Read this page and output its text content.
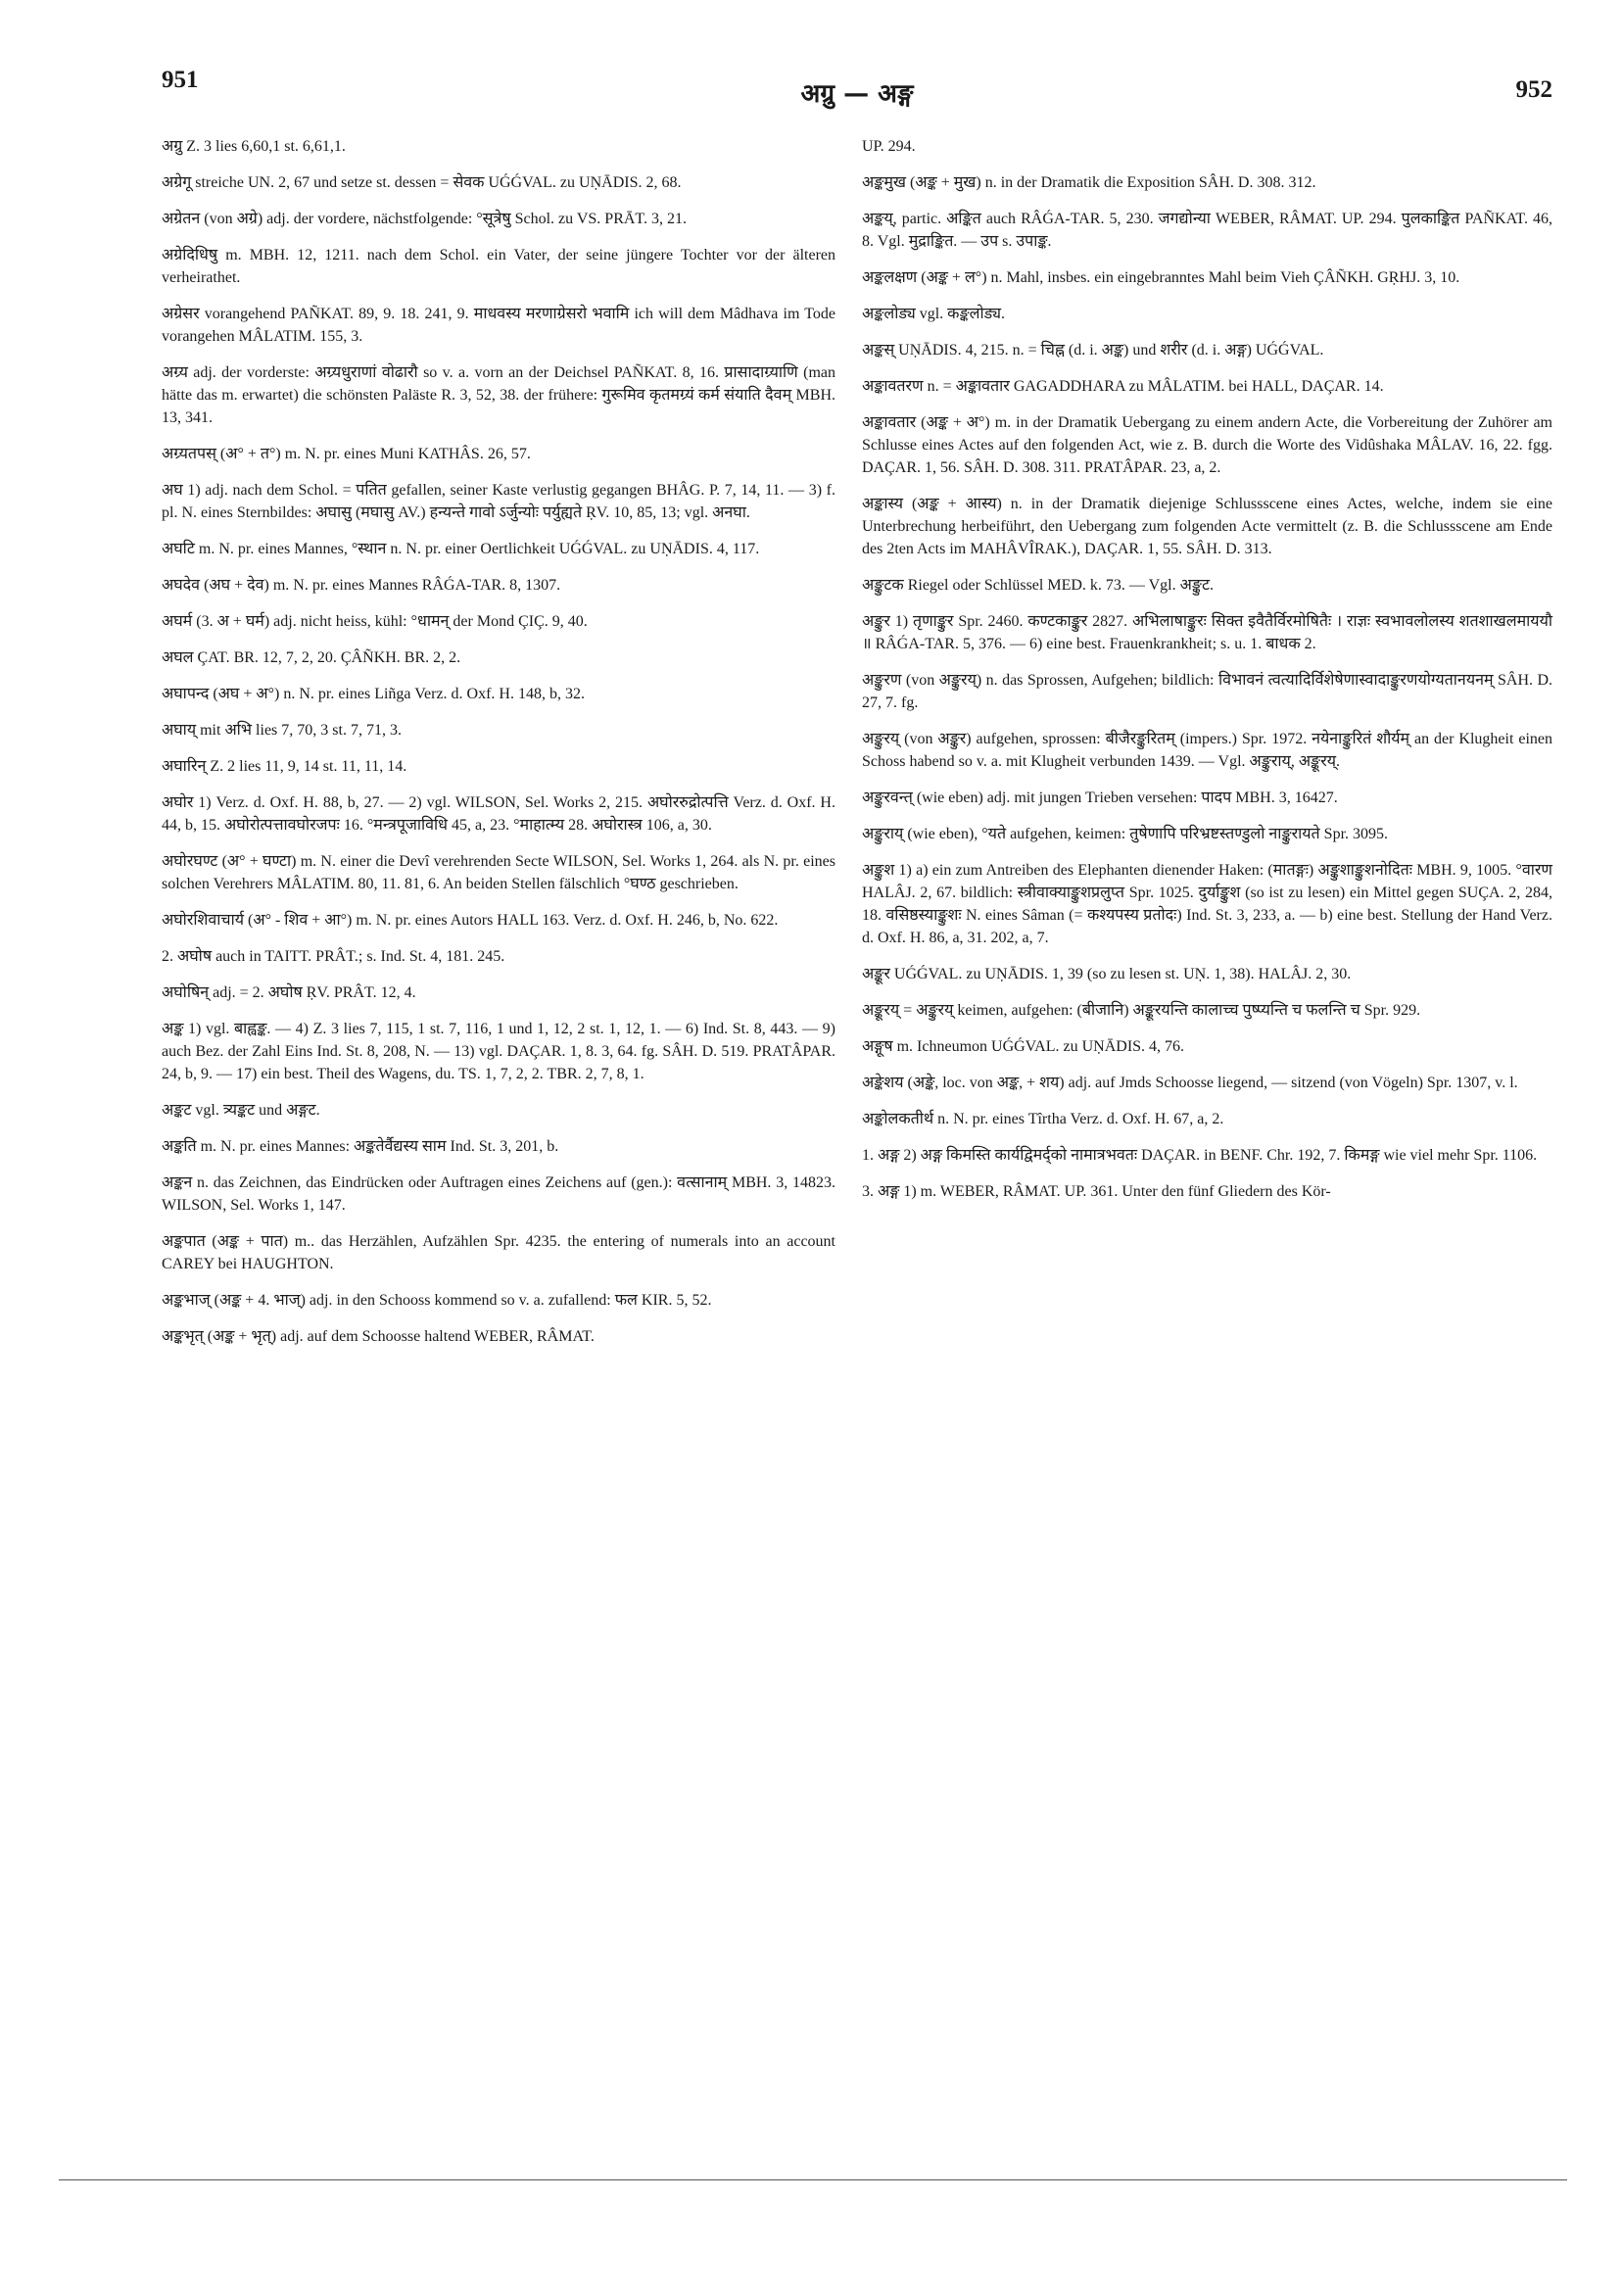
951	अग्रु — अङ्ग	952

अग्रु Z. 3 lies 6,60,1 st. 6,61,1.

अग्रेगू streiche UN. 2, 67 und setze st. dessen = सेवक UǴǴVAL. zu UṆĀDIS. 2, 68.

अग्रेतन (von अग्रे) adj. der vordere, nächstfolgende: °सूत्रेषु Schol. zu VS. PRĀT. 3, 21.

अग्रेदिधिषु m. MBH. 12, 1211. nach dem Schol. ein Vater, der seine jüngere Tochter vor der älteren verheirathet.

अग्रेसर vorangehend PAÑKAT. 89, 9. 18. 241, 9. माधवस्य मरणाग्रेसरो भवामि ich will dem Mâdhava im Tode vorangehen MÂLATIM. 155, 3.

अग्र्य adj. der vorderste: अग्र्यधुराणां वोढारौ so v. a. vorn an der Deichsel PAÑKAT. 8, 16. प्रासादाग्र्याणि (man hätte das m. erwartet) die schönsten Paläste R. 3, 52, 38. der frühere: गुरूमिव कृतमग्र्यं कर्म संयाति दैवम् MBH. 13, 341.

अग्र्यतपस् (अ° + त°) m. N. pr. eines Muni KATHÂS. 26, 57.

अघ 1) adj. nach dem Schol. = पतित gefallen, seiner Kaste verlustig gegangen BHÂG. P. 7, 14, 11. — 3) f. pl. N. eines Sternbildes: अघासु (मघासु AV.) हन्यन्ते गावो ऽर्जुन्योः पर्युह्यते ṚV. 10, 85, 13; vgl. अनघा.

अघटि m. N. pr. eines Mannes, °स्थान n. N. pr. einer Oertlichkeit UǴǴVAL. zu UṆĀDIS. 4, 117.

अघदेव (अघ + देव) m. N. pr. eines Mannes RÂǴA-TAR. 8, 1307.

अघर्म (3. अ + घर्म) adj. nicht heiss, kühl: °धामन् der Mond ÇIÇ. 9, 40.

अघल ÇAT. BR. 12, 7, 2, 20. ÇÂÑKH. BR. 2, 2.

अघापन्द (अघ + अ°) n. N. pr. eines Liñga Verz. d. Oxf. H. 148, b, 32.

अघाय् mit अभि lies 7, 70, 3 st. 7, 71, 3.

अघारिन् Z. 2 lies 11, 9, 14 st. 11, 11, 14.

अघोर 1) Verz. d. Oxf. H. 88, b, 27. — 2) vgl. WILSON, Sel. Works 2, 215. अघोररुद्रोत्पत्ति Verz. d. Oxf. H. 44, b, 15. अघोरोत्पत्तावघोरजपः 16. °मन्त्रपूजाविधि 45, a, 23. °माहात्म्य 28. अघोरास्त्र 106, a, 30.

अघोरघण्ट (अ° + घण्टा) m. N. einer die Devî verehrenden Secte WILSON, Sel. Works 1, 264. als N. pr. eines solchen Verehrers MÂLATIM. 80, 11. 81, 6. An beiden Stellen fälschlich °घण्ठ geschrieben.

अघोरशिवाचार्य (अ° - शिव + आ°) m. N. pr. eines Autors HALL 163. Verz. d. Oxf. H. 246, b, No. 622.

2. अघोष auch in TAITT. PRÂT.; s. Ind. St. 4, 181. 245.

अघोषिन् adj. = 2. अघोष ṚV. PRÂT. 12, 4.

अङ्क 1) vgl. बाह्वङ्क. — 4) Z. 3 lies 7, 115, 1 st. 7, 116, 1 und 1, 12, 2 st. 1, 12, 1. — 6) Ind. St. 8, 443. — 9) auch Bez. der Zahl Eins Ind. St. 8, 208, N. — 13) vgl. DAÇAR. 1, 8. 3, 64. fg. SÂH. D. 519. PRATÂPAR. 24, b, 9. — 17) ein best. Theil des Wagens, du. TS. 1, 7, 2, 2. TBR. 2, 7, 8, 1.

अङ्कट vgl. त्र्यङ्कट und अङ्गट.

अङ्कति m. N. pr. eines Mannes: अङ्कतेर्वैद्यस्य साम Ind. St. 3, 201, b.

अङ्कन n. das Zeichnen, das Eindrücken oder Auftragen eines Zeichens auf (gen.): वत्सानाम् MBH. 3, 14823. WILSON, Sel. Works 1, 147.

अङ्कपात (अङ्क + पात) m.. das Herzählen, Aufzählen Spr. 4235. the entering of numerals into an account CAREY bei HAUGHTON.

अङ्कभाज् (अङ्क + 4. भाज्) adj. in den Schooss kommend so v. a. zufallend: फल KIR. 5, 52.

अङ्कभृत् (अङ्क + भृत्) adj. auf dem Schoosse haltend WEBER, RÂMAT.

UP. 294.

अङ्कमुख (अङ्क + मुख) n. in der Dramatik die Exposition SÂH. D. 308. 312.

अङ्कय्, partic. अङ्कित auch RÂǴA-TAR. 5, 230. जगद्योन्या WEBER, RÂMAT. UP. 294. पुलकाङ्कित PAÑKAT. 46, 8. Vgl. मुद्राङ्कित. — उप s. उपाङ्क.

अङ्कलक्षण (अङ्क + ल°) n. Mahl, insbes. ein eingebranntes Mahl beim Vieh ÇÂÑKH. GṚHJ. 3, 10.

अङ्कलोड्य vgl. कङ्कलोड्य.

अङ्कस् UṆĀDIS. 4, 215. n. = चिह्न (d. i. अङ्क) und शरीर (d. i. अङ्ग) UǴǴVAL.

अङ्कावतरण n. = अङ्कावतार GAGADDHARA zu MÂLATIM. bei HALL, DAÇAR. 14.

अङ्कावतार (अङ्क + अ°) m. in der Dramatik Uebergang zu einem andern Acte, die Vorbereitung der Zuhörer am Schlusse eines Actes auf den folgenden Act, wie z. B. durch die Worte des Vidûshaka MÂLAV. 16, 22. fgg. DAÇAR. 1, 56. SÂH. D. 308. 311. PRATÂPAR. 23, a, 2.

अङ्कास्य (अङ्क + आस्य) n. in der Dramatik diejenige Schlussscene eines Actes, welche, indem sie eine Unterbrechung herbeiführt, den Uebergang zum folgenden Acte vermittelt (z. B. die Schlussscene am Ende des 2ten Acts im MAHÂVÎRAK.), DAÇAR. 1, 55. SÂH. D. 313.

अङ्कुटक Riegel oder Schlüssel MED. k. 73. — Vgl. अङ्कुट.

अङ्कुर 1) तृणाङ्कुर Spr. 2460. कण्टकाङ्कुर 2827. अभिलाषाङ्कुरः सिक्त इवैतैर्विरमोषितैः । राज्ञः स्वभावलोलस्य शतशाखलमाययौ ॥ RÂǴA-TAR. 5, 376. — 6) eine best. Frauenkrankheit; s. u. 1. बाधक 2.

अङ्कुरण (von अङ्कुरय्) n. das Sprossen, Aufgehen; bildlich: विभावनं त्वत्यादिर्विशेषेणास्वादाङ्कुरणयोग्यतानयनम् SÂH. D. 27, 7. fg.

अङ्कुरय् (von अङ्कुर) aufgehen, sprossen: बीजैरङ्कुरितम् (impers.) Spr. 1972. नयेनाङ्कुरितं शौर्यम् an der Klugheit einen Schoss habend so v. a. mit Klugheit verbunden 1439. — Vgl. अङ्कुराय्, अङ्कूरय्.

अङ्कुरवन्त् (wie eben) adj. mit jungen Trieben versehen: पादप MBH. 3, 16427.

अङ्कुराय् (wie eben), °यते aufgehen, keimen: तुषेणापि परिभ्रष्टस्तण्डुलो नाङ्कुरायते Spr. 3095.

अङ्कुश 1) a) ein zum Antreiben des Elephanten dienender Haken: (मातङ्गः) अङ्कुशाङ्कुशनोदितः MBH. 9, 1005. °वारण HALÂJ. 2, 67. bildlich: स्त्रीवाक्याङ्कुशप्रलुप्त Spr. 1025. दुर्याङ्कुश (so ist zu lesen) ein Mittel gegen SUÇA. 2, 284, 18. वसिष्ठस्याङ्कुशः N. eines Sâman (= कश्यपस्य प्रतोदः) Ind. St. 3, 233, a. — b) eine best. Stellung der Hand Verz. d. Oxf. H. 86, a, 31. 202, a, 7.

अङ्कूर UǴǴVAL. zu UṆĀDIS. 1, 39 (so zu lesen st. UṆ. 1, 38). HALÂJ. 2, 30.

अङ्कूरय् = अङ्कुरय् keimen, aufgehen: (बीजानि) अङ्कूरयन्ति कालाच्च पुष्प्यन्ति च फलन्ति च Spr. 929.

अङ्गूष m. Ichneumon UǴǴVAL. zu UṆĀDIS. 4, 76.

अङ्केशय (अङ्के, loc. von अङ्क, + शय) adj. auf Jmds Schoosse liegend, — sitzend (von Vögeln) Spr. 1307, v. l.

अङ्कोलकतीर्थ n. N. pr. eines Tîrtha Verz. d. Oxf. H. 67, a, 2.

1. अङ्ग 2) अङ्ग किमस्ति कार्यद्विमर्द्को नामात्रभवतः DAÇAR. in BENF. Chr. 192, 7. किमङ्ग wie viel mehr Spr. 1106.

3. अङ्ग 1) m. WEBER, RÂMAT. UP. 361. Unter den fünf Gliedern des Kör-
